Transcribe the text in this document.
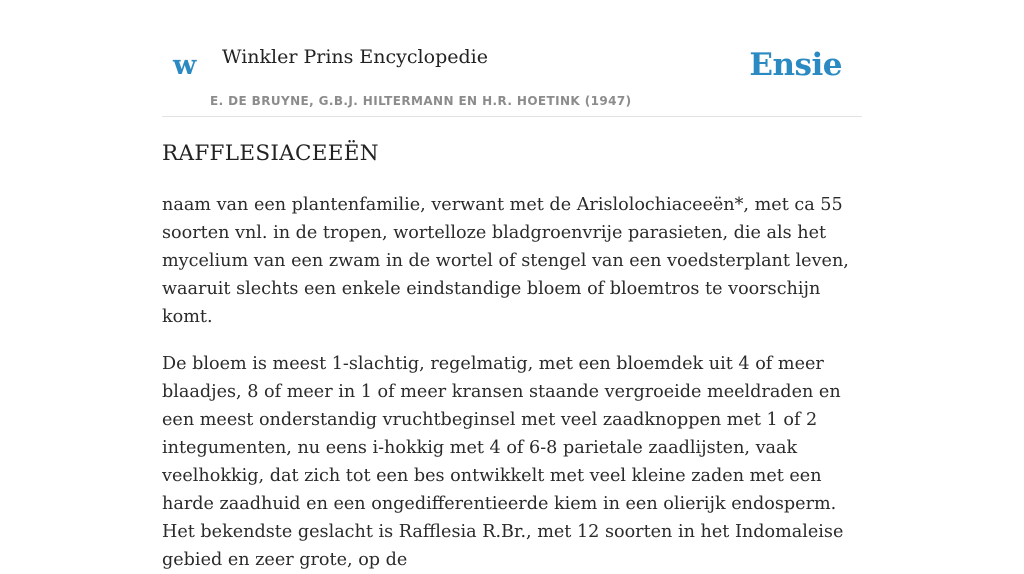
w Winkler Prins Encyclopedie
E. DE BRUYNE, G.B.J. HILTERMANN EN H.R. HOETINK (1947)
Ensie
RAFFLESIACEEËN

naam van een plantenfamilie, verwant met de Arislolochiaceeën*, met ca 55 soorten vnl. in de tropen, wortelloze bladgroenvrije parasieten, die als het mycelium van een zwam in de wortel of stengel van een voedsterplant leven, waaruit slechts een enkele eindstandige bloem of bloemtros te voorschijn komt.

De bloem is meest 1-slachtig, regelmatig, met een bloemdek uit 4 of meer blaadjes, 8 of meer in 1 of meer kransen staande vergroeide meeldraden en een meest onderstandig vruchtbeginsel met veel zaadknoppen met 1 of 2 integumenten, nu eens i-hokkig met 4 of 6-8 parietale zaadlijsten, vaak veelhokkig, dat zich tot een bes ontwikkelt met veel kleine zaden met een harde zaadhuid en een ongedifferentieerde kiem in een olierijk endosperm. Het bekendste geslacht is Rafflesia R.Br., met 12 soorten in het Indomaleise gebied en zeer grote, op de
